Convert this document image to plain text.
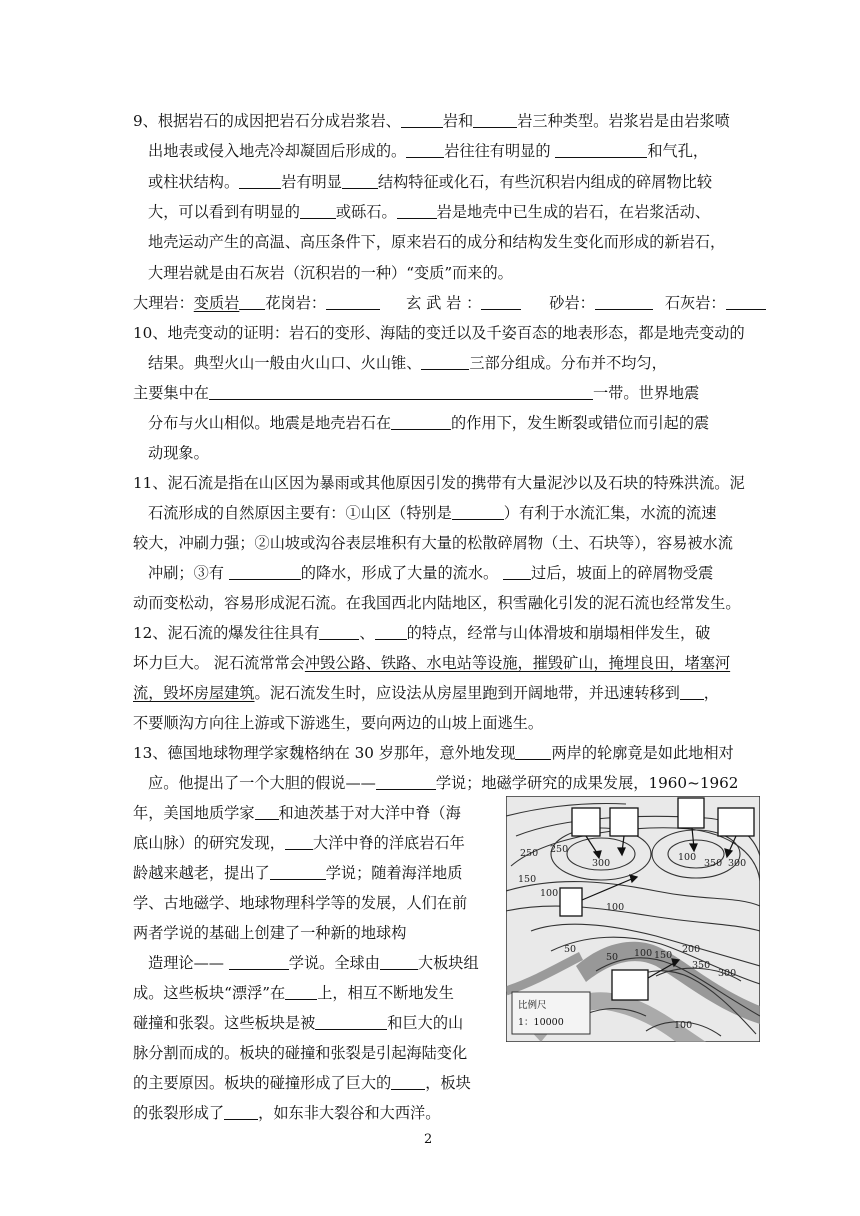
9、根据岩石的成因把岩石分成岩浆岩、	岩和	岩三种类型。岩浆岩是由岩浆喷
出地表或侵入地壳冷却凝固后形成的。	岩往往有明显的	和气孔，
或柱状结构。	岩有明显 结构特征或化石，有些沉积岩内组成的碎屑物比较
大，可以看到有明显的 或砾石。	岩是地壳中已生成的岩石，在岩浆活动、
地壳运动产生的高温、高压条件下，原来岩石的成分和结构发生变化而形成的新岩石，
大理岩就是由石灰岩（沉积岩的一种）“变质”而来的。
大理岩：变质岩 花岗岩：	玄 武 岩 ：	砂岩：	石灰岩：
10、地壳变动的证明：岩石的变形、海陆的变迁以及千姿百态的地表形态，都是地壳变动的
结果。典型火山一般由火山口、火山锥、	三部分组成。分布并不均匀，
主要集中在	一带。世界地震
分布与火山相似。地震是地壳岩石在	的作用下，发生断裂或错位而引起的震
动现象。
11、泥石流是指在山区因为暴雨或其他原因引发的携带有大量泥沙以及石块的特殊洪流。泥
石流形成的自然原因主要有：①山区（特别是	）有利于水流汇集，水流的流速
较大，冲刷力强；②山坡或沟谷表层堆积有大量的松散碎屑物（土、石块等），容易被水流
冲刷；③有	的降水，形成了大量的流水。 过后，坡面上的碎屑物受震
动而变松动，容易形成泥石流。在我国西北内陆地区，积雪融化引发的泥石流也经常发生。
12、泥石流的爆发往往具有	、 的特点，经常与山体滑坡和崩塌相伴发生，破
坏力巨大。 泥石流常常会冲毁公路、铁路、水电站等设施，摧毁矿山，掩埋良田，堵塞河
流，毁坏房屋建筑。泥石流发生时，应设法从房屋里跑到开阔地带，并迅速转移到 ，
不要顺沟方向往上游或下游逃生，要向两边的山坡上面逃生。
13、德国地球物理学家魏格纳在 30 岁那年，意外地发现 两岸的轮廓竟是如此地相对
应。他提出了一个大胆的假说——	学说；地磁学研究的成果发展，1960~1962
年，美国地质学家 和迪茨基于对大洋中脊（海
底山脉）的研究发现， 大洋中脊的洋底岩石年
龄越来越老，提出了	学说；随着海洋地质
学、古地磁学、地球物理科学等的发展，人们在前
两者学说的基础上创建了一种新的地球构
造理论——	学说。全球由	大板块组
成。这些板块“漂浮”在 上，相互不断地发生
碰撞和张裂。这些板块是被	和巨大的山
脉分割而成的。板块的碰撞和张裂是引起海陆变化
的主要原因。板块的碰撞形成了巨大的 ，板块
的张裂形成了 ，如东非大裂谷和大西洋。
250 250
300
150
100
100
350 300
100
50
50 100 150
200
350
300
100
比例尺
1：10000
2
